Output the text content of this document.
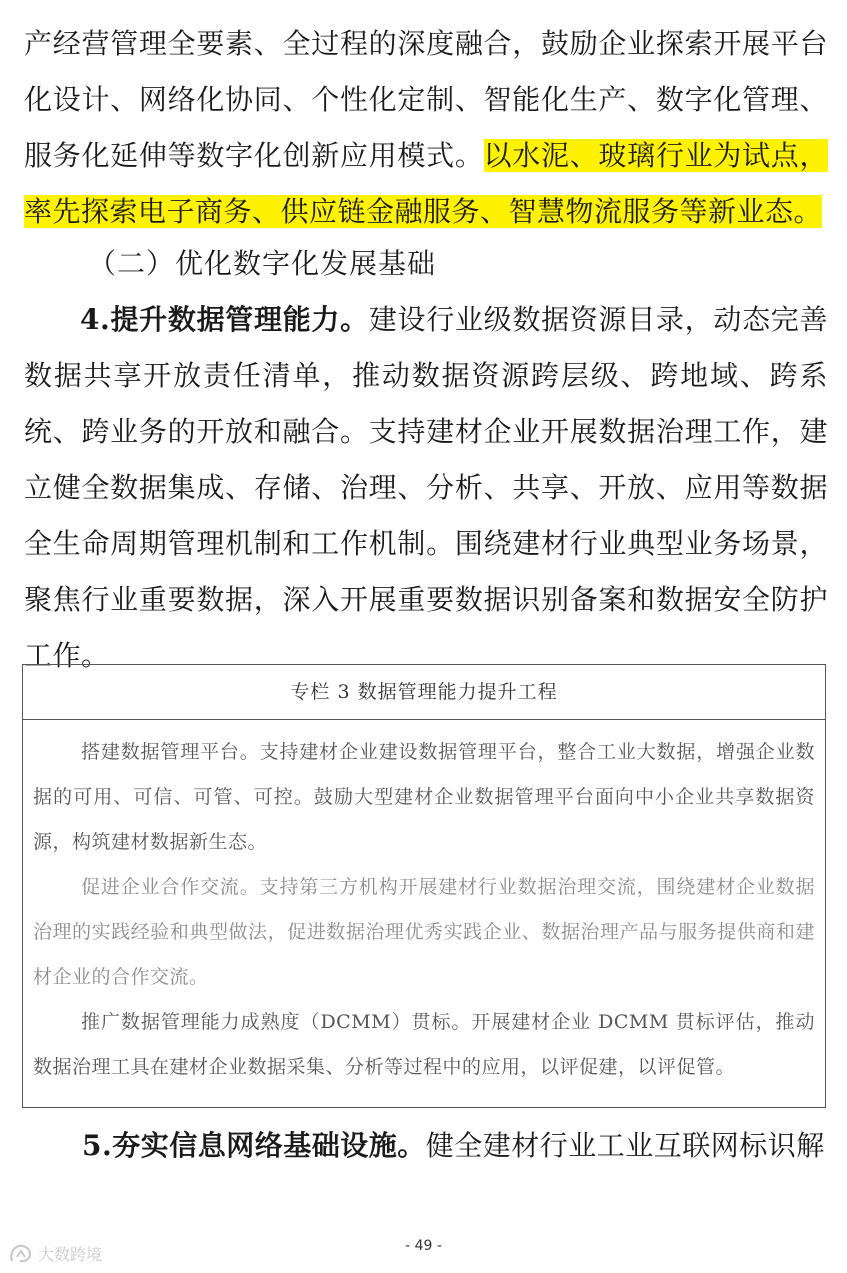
产经营管理全要素、全过程的深度融合，鼓励企业探索开展平台化设计、网络化协同、个性化定制、智能化生产、数字化管理、服务化延伸等数字化创新应用模式。以水泥、玻璃行业为试点，率先探索电子商务、供应链金融服务、智慧物流服务等新业态。

（二）优化数字化发展基础

4.提升数据管理能力。建设行业级数据资源目录，动态完善数据共享开放责任清单，推动数据资源跨层级、跨地域、跨系统、跨业务的开放和融合。支持建材企业开展数据治理工作，建立健全数据集成、存储、治理、分析、共享、开放、应用等数据全生命周期管理机制和工作机制。围绕建材行业典型业务场景，聚焦行业重要数据，深入开展重要数据识别备案和数据安全防护工作。

专栏 3 数据管理能力提升工程

搭建数据管理平台。支持建材企业建设数据管理平台，整合工业大数据，增强企业数据的可用、可信、可管、可控。鼓励大型建材企业数据管理平台面向中小企业共享数据资源，构筑建材数据新生态。

促进企业合作交流。支持第三方机构开展建材行业数据治理交流，围绕建材企业数据治理的实践经验和典型做法，促进数据治理优秀实践企业、数据治理产品与服务提供商和建材企业的合作交流。

推广数据管理能力成熟度（DCMM）贯标。开展建材企业 DCMM 贯标评估，推动数据治理工具在建材企业数据采集、分析等过程中的应用，以评促建，以评促管。

5.夯实信息网络基础设施。健全建材行业工业互联网标识解
- 49 -
大数跨境
